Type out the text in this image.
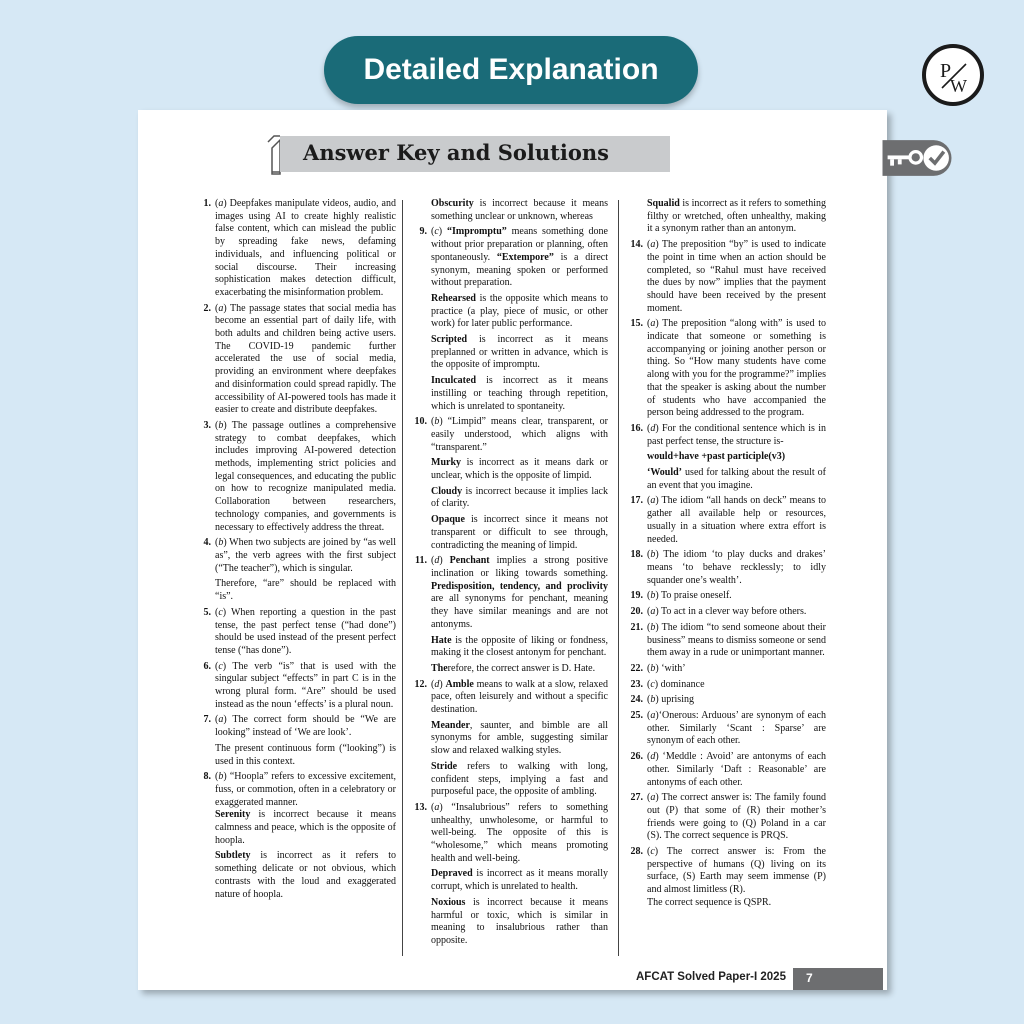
Detailed Explanation	P
W
Answer Key and Solutions
1. (a) Deepfakes manipulate videos, audio, and images using AI to create highly realistic false content, which can mislead the public by spreading fake news, defaming individuals, and influencing political or social discourse. Their increasing sophistication makes detection difficult, exacerbating the misinformation problem.
2. (a) The passage states that social media has become an essential part of daily life, with both adults and children being active users. The COVID-19 pandemic further accelerated the use of social media, providing an environment where deepfakes and disinformation could spread rapidly. The accessibility of AI-powered tools has made it easier to create and distribute deepfakes.
3. (b) The passage outlines a comprehensive strategy to combat deepfakes, which includes improving AI-powered detection methods, implementing strict policies and legal consequences, and educating the public on how to recognize manipulated media. Collaboration between researchers, technology companies, and governments is necessary to effectively address the threat.
4. (b) When two subjects are joined by “as well as”, the verb agrees with the first subject (“The teacher”), which is singular.
Therefore, “are” should be replaced with “is”.
5. (c) When reporting a question in the past tense, the past perfect tense (“had done”) should be used instead of the present perfect tense (“has done”).
6. (c) The verb “is” that is used with the singular subject “effects” in part C is in the wrong plural form. “Are” should be used instead as the noun ‘effects’ is a plural noun.
7. (a) The correct form should be “We are looking” instead of ‘We are look’.
The present continuous form (“looking”) is used in this context.
8. (b) “Hoopla” refers to excessive excitement, fuss, or commotion, often in a celebratory or exaggerated manner.
Serenity is incorrect because it means calmness and peace, which is the opposite of hoopla.
Subtlety is incorrect as it refers to something delicate or not obvious, which contrasts with the loud and exaggerated nature of hoopla.
Obscurity is incorrect because it means something unclear or unknown, whereas
9. (c) “Impromptu” means something done without prior preparation or planning, often spontaneously. “Extempore” is a direct synonym, meaning spoken or performed without preparation.
Rehearsed is the opposite which means to practice (a play, piece of music, or other work) for later public performance.
Scripted is incorrect as it means preplanned or written in advance, which is the opposite of impromptu.
Inculcated is incorrect as it means instilling or teaching through repetition, which is unrelated to spontaneity.
10. (b) “Limpid” means clear, transparent, or easily understood, which aligns with “transparent.”
Murky is incorrect as it means dark or unclear, which is the opposite of limpid.
Cloudy is incorrect because it implies lack of clarity.
Opaque is incorrect since it means not transparent or difficult to see through, contradicting the meaning of limpid.
11. (d) Penchant implies a strong positive inclination or liking towards something. Predisposition, tendency, and proclivity are all synonyms for penchant, meaning they have similar meanings and are not antonyms.
Hate is the opposite of liking or fondness, making it the closest antonym for penchant.
Therefore, the correct answer is D. Hate.
12. (d) Amble means to walk at a slow, relaxed pace, often leisurely and without a specific destination.
Meander, saunter, and bimble are all synonyms for amble, suggesting similar slow and relaxed walking styles.
Stride refers to walking with long, confident steps, implying a fast and purposeful pace, the opposite of ambling.
13. (a) “Insalubrious” refers to something unhealthy, unwholesome, or harmful to well-being. The opposite of this is “wholesome,” which means promoting health and well-being.
Depraved is incorrect as it means morally corrupt, which is unrelated to health.
Noxious is incorrect because it means harmful or toxic, which is similar in meaning to insalubrious rather than opposite.
Squalid is incorrect as it refers to something filthy or wretched, often unhealthy, making it a synonym rather than an antonym.
14. (a) The preposition “by” is used to indicate the point in time when an action should be completed, so “Rahul must have received the dues by now” implies that the payment should have been received by the present moment.
15. (a) The preposition “along with” is used to indicate that someone or something is accompanying or joining another person or thing. So “How many students have come along with you for the programme?” implies that the speaker is asking about the number of students who have accompanied the person being addressed to the program.
16. (d) For the conditional sentence which is in past perfect tense, the structure is-
would+have +past participle(v3)
‘Would’ used for talking about the result of an event that you imagine.
17. (a) The idiom “all hands on deck” means to gather all available help or resources, usually in a situation where extra effort is needed.
18. (b) The idiom ‘to play ducks and drakes’ means ‘to behave recklessly; to idly squander one’s wealth’.
19. (b) To praise oneself.
20. (a) To act in a clever way before others.
21. (b) The idiom “to send someone about their business” means to dismiss someone or send them away in a rude or unimportant manner.
22. (b) ‘with’
23. (c) dominance
24. (b) uprising
25. (a)‘Onerous: Arduous’ are synonym of each other. Similarly ‘Scant : Sparse’ are synonym of each other.
26. (d) ‘Meddle : Avoid’ are antonyms of each other. Similarly ‘Daft : Reasonable’ are antonyms of each other.
27. (a) The correct answer is: The family found out (P) that some of (R) their mother’s friends were going to (Q) Poland in a car (S). The correct sequence is PRQS.
28. (c) The correct answer is: From the perspective of humans (Q) living on its surface, (S) Earth may seem immense (P) and almost limitless (R).
The correct sequence is QSPR.
AFCAT Solved Paper-I 2025	7
